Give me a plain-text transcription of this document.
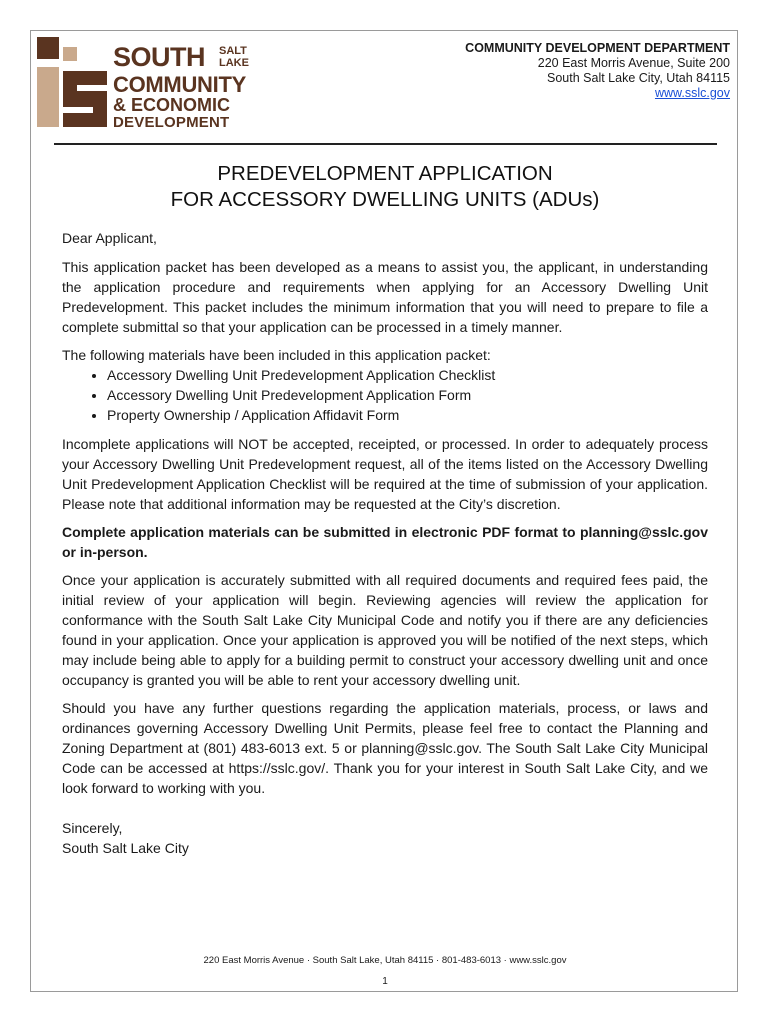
SOUTH SALT
LAKE
COMMUNITY
& ECONOMIC
DEVELOPMENT
COMMUNITY DEVELOPMENT DEPARTMENT
220 East Morris Avenue, Suite 200
South Salt Lake City, Utah 84115
www.sslc.gov
PREDEVELOPMENT APPLICATION
FOR ACCESSORY DWELLING UNITS (ADUs)

Dear Applicant,

This application packet has been developed as a means to assist you, the applicant, in understanding the application procedure and requirements when applying for an Accessory Dwelling Unit Predevelopment. This packet includes the minimum information that you will need to prepare to file a complete submittal so that your application can be processed in a timely manner.

The following materials have been included in this application packet:

• Accessory Dwelling Unit Predevelopment Application Checklist
• Accessory Dwelling Unit Predevelopment Application Form
• Property Ownership / Application Affidavit Form

Incomplete applications will NOT be accepted, receipted, or processed. In order to adequately process your Accessory Dwelling Unit Predevelopment request, all of the items listed on the Accessory Dwelling Unit Predevelopment Application Checklist will be required at the time of submission of your application. Please note that additional information may be requested at the City’s discretion.

Complete application materials can be submitted in electronic PDF format to planning@sslc.gov or in-person.

Once your application is accurately submitted with all required documents and required fees paid, the initial review of your application will begin. Reviewing agencies will review the application for conformance with the South Salt Lake City Municipal Code and notify you if there are any deficiencies found in your application. Once your application is approved you will be notified of the next steps, which may include being able to apply for a building permit to construct your accessory dwelling unit and once occupancy is granted you will be able to rent your accessory dwelling unit.

Should you have any further questions regarding the application materials, process, or laws and ordinances governing Accessory Dwelling Unit Permits, please feel free to contact the Planning and Zoning Department at (801) 483-6013 ext. 5 or planning@sslc.gov. The South Salt Lake City Municipal Code can be accessed at https://sslc.gov/. Thank you for your interest in South Salt Lake City, and we look forward to working with you.

Sincerely,

South Salt Lake City

220 East Morris Avenue · South Salt Lake, Utah 84115 · 801-483-6013 · www.sslc.gov
1
